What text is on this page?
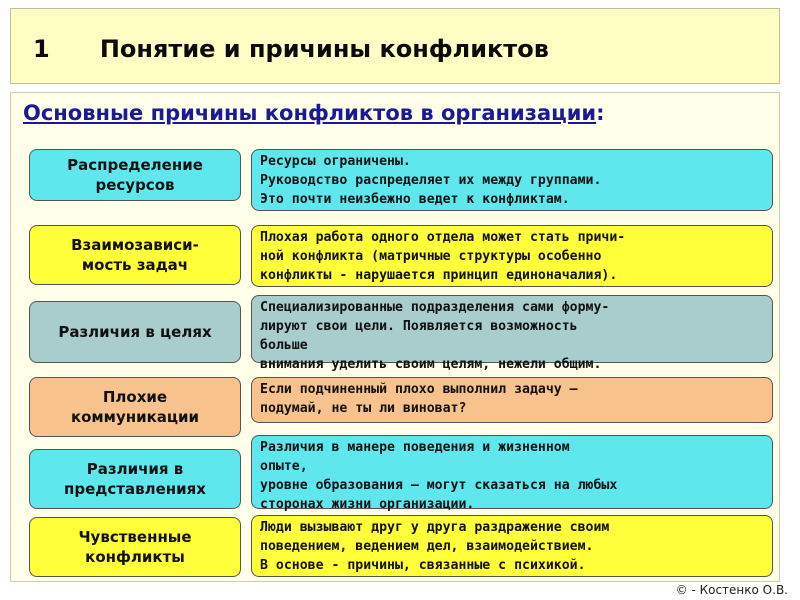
1 Понятие и причины конфликтов
Основные причины конфликтов в организации:
Распределение
ресурсов
Ресурсы ограничены.
Руководство распределяет их между группами.
Это почти неизбежно ведет к конфликтам.
Взаимозависи-
мость задач
Плохая работа одного отдела может стать причи-
ной конфликта (матричные структуры особенно
конфликты - нарушается принцип единоначалия).
Различия в целях
Специализированные подразделения сами форму-
лируют свои цели. Появляется возможность
больше
внимания уделить своим целям, нежели общим.
Плохие
коммуникации
Если подчиненный плохо выполнил задачу –
подумай, не ты ли виноват?
Различия в
представлениях
Различия в манере поведения и жизненном
опыте,
уровне образования – могут сказаться на любых
сторонах жизни организации.
Чувственные
конфликты
Люди вызывают друг у друга раздражение своим
поведением, ведением дел, взаимодействием.
В основе - причины, связанные с психикой.
© - Костенко О.В.
